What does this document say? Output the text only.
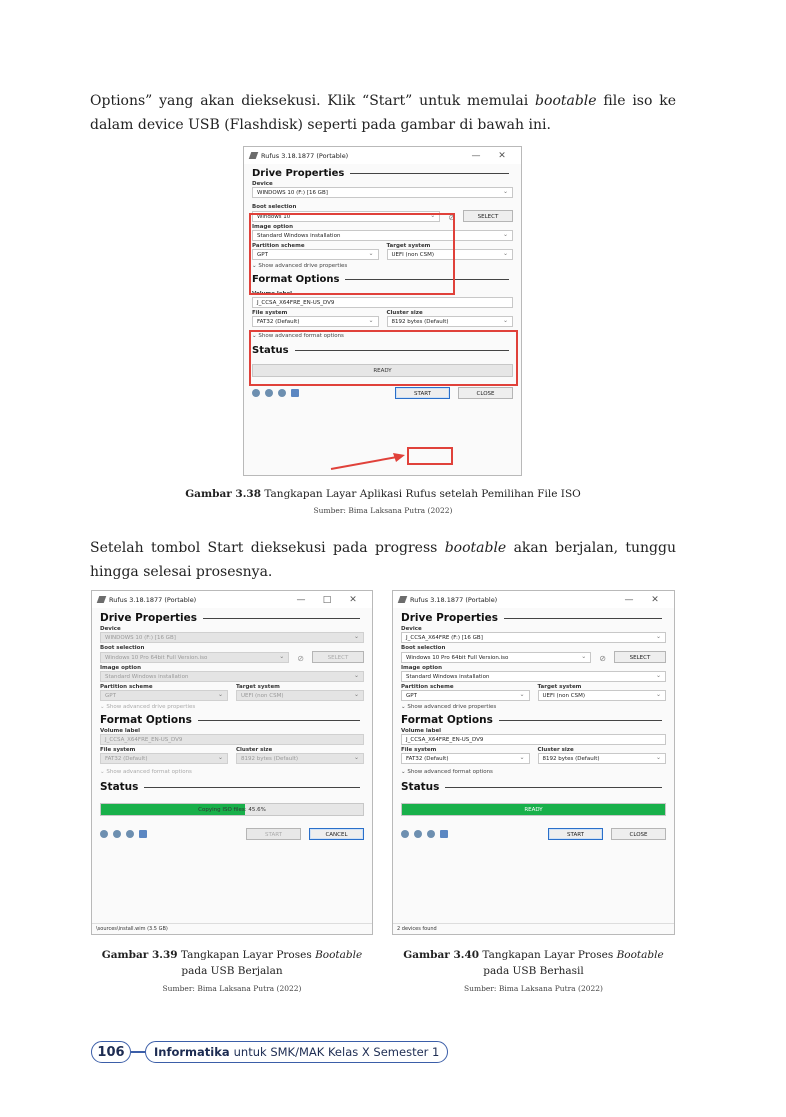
Options” yang akan dieksekusi. Klik “Start” untuk memulai bootable file iso ke dalam device USB (Flashdisk) seperti pada gambar di bawah ini.
Rufus 3.18.1877 (Portable)	—	✕
Drive Properties
Device
WINDOWS 10 (F:) [16 GB] ⌄
Boot selection
Windows 10 ⌄	⊘	SELECT
Image option
Standard Windows installation ⌄
Partition scheme
GPT ⌄
Target system
UEFI (non CSM) ⌄
⌄ Show advanced drive properties
Format Options
Volume label
J_CCSA_X64FRE_EN-US_DV9
File system
FAT32 (Default) ⌄
Cluster size
8192 bytes (Default) ⌄
⌄ Show advanced format options
Status
READY
START	CLOSE
Gambar 3.38 Tangkapan Layar Aplikasi Rufus setelah Pemilihan File ISO
Sumber: Bima Laksana Putra (2022)
Setelah tombol Start dieksekusi pada progress bootable akan berjalan, tunggu hingga selesai prosesnya.
Rufus 3.18.1877 (Portable)	—	□	✕
Drive Properties
Device
WINDOWS 10 (F:) [16 GB] ⌄
Boot selection
Windows 10 Pro 64bit Full Version.iso ⌄	⊘	SELECT
Image option
Standard Windows installation ⌄
Partition scheme
GPT ⌄
Target system
UEFI (non CSM) ⌄
⌄ Show advanced drive properties
Format Options
Volume label
J_CCSA_X64FRE_EN-US_DV9
File system
FAT32 (Default) ⌄
Cluster size
8192 bytes (Default) ⌄
⌄ Show advanced format options
Status
Copying ISO files: 45.6%
START	CANCEL
\sources\install.wim (3.5 GB)
Rufus 3.18.1877 (Portable)	—	✕
Drive Properties
Device
J_CCSA_X64FRE (F:) [16 GB] ⌄
Boot selection
Windows 10 Pro 64bit Full Version.iso ⌄	⊘	SELECT
Image option
Standard Windows installation ⌄
Partition scheme
GPT ⌄
Target system
UEFI (non CSM) ⌄
⌄ Show advanced drive properties
Format Options
Volume label
J_CCSA_X64FRE_EN-US_DV9
File system
FAT32 (Default) ⌄
Cluster size
8192 bytes (Default) ⌄
⌄ Show advanced format options
Status
READY
START	CLOSE
2 devices found
Gambar 3.39 Tangkapan Layar Proses Bootable
pada USB Berjalan
Sumber: Bima Laksana Putra (2022)
Gambar 3.40 Tangkapan Layar Proses Bootable
pada USB Berhasil
Sumber: Bima Laksana Putra (2022)
106	Informatika untuk SMK/MAK Kelas X Semester 1
